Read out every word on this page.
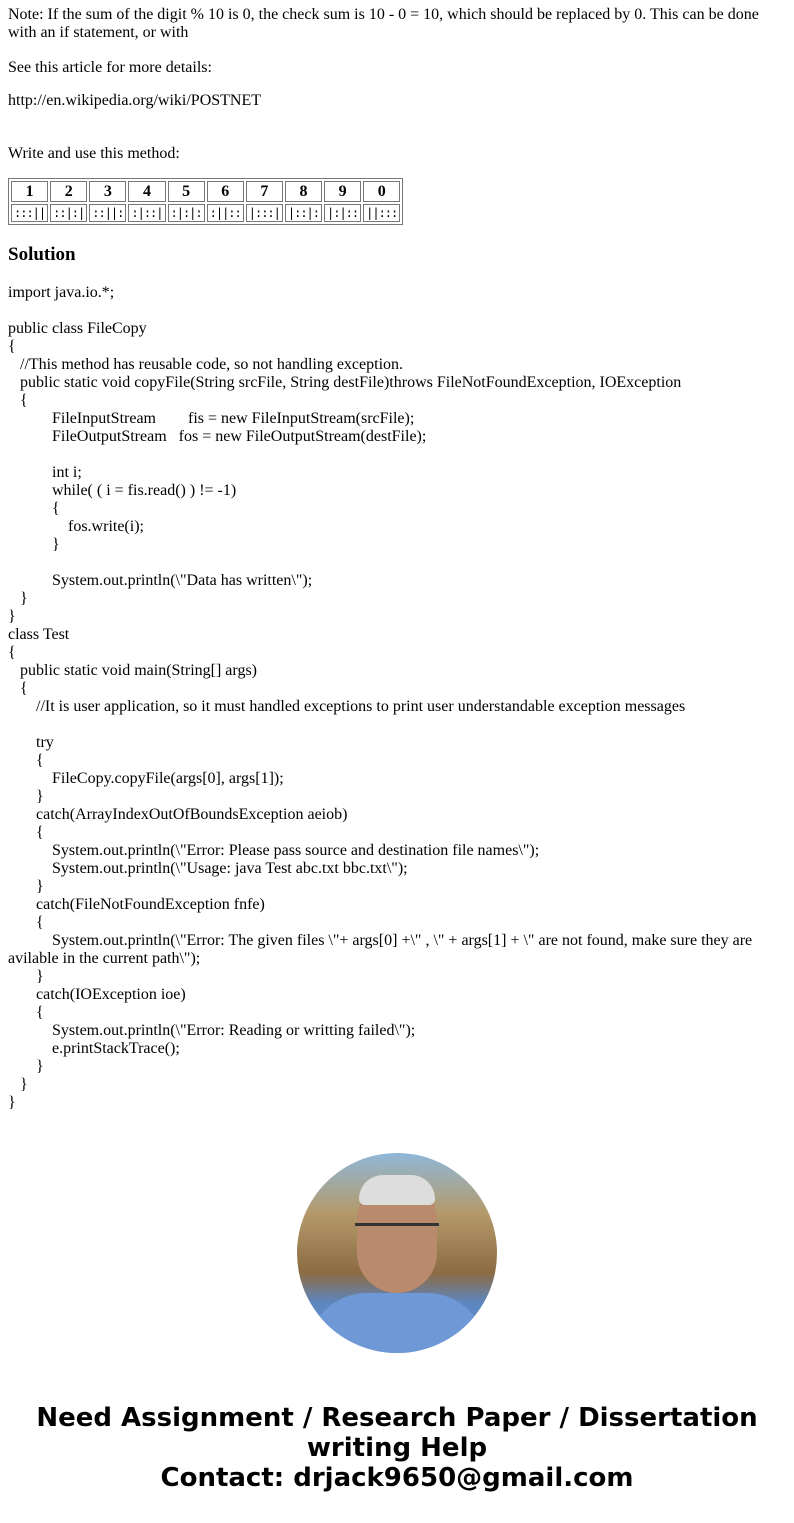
Note: If the sum of the digit % 10 is 0, the check sum is 10 - 0 = 10, which should be replaced by 0. This can be done with an if statement, or with
See this article for more details:
http://en.wikipedia.org/wiki/POSTNET
Write and use this method:
1	2	3	4	5	6	7	8	9	0
:::||	::|:|	::||:	:|::|	:|:|:	:||::	|:::|	|::|:	|:|::	||:::
Solution
import java.io.*;
public class FileCopy
{
//This method has reusable code, so not handling exception.
public static void copyFile(String srcFile, String destFile)throws FileNotFoundException, IOException
{
FileInputStream        fis = new FileInputStream(srcFile);
FileOutputStream   fos = new FileOutputStream(destFile);
int i;
while( ( i = fis.read() ) != -1)
{
fos.write(i);
}
System.out.println(\"Data has written\");
}
}
class Test
{
public static void main(String[] args)
{
//It is user application, so it must handled exceptions to print user understandable exception messages
try
{
FileCopy.copyFile(args[0], args[1]);
}
catch(ArrayIndexOutOfBoundsException aeiob)
{
System.out.println(\"Error: Please pass source and destination file names\");
System.out.println(\"Usage: java Test abc.txt bbc.txt\");
}
catch(FileNotFoundException fnfe)
{
System.out.println(\"Error: The given files \"+ args[0] +\" , \" + args[1] + \" are not found, make sure they are avilable in the current path\");
}
catch(IOException ioe)
{
System.out.println(\"Error: Reading or writting failed\");
e.printStackTrace();
}
}
}
Need Assignment / Research Paper / Dissertation writing Help
Contact: drjack9650@gmail.com
